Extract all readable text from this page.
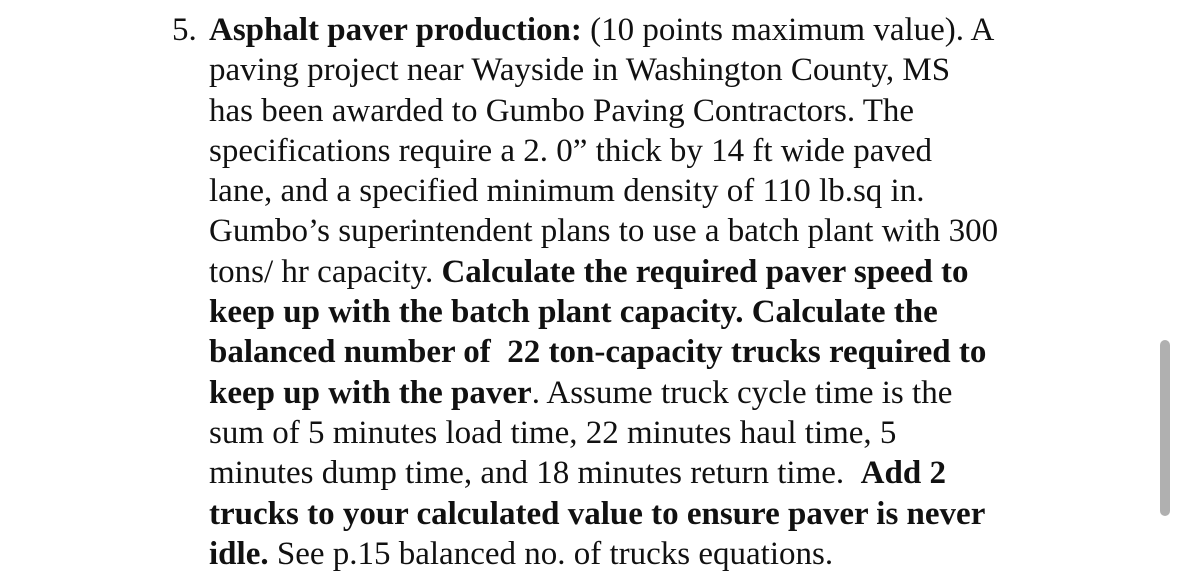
5. Asphalt paver production: (10 points maximum value). A
paving project near Wayside in Washington County, MS
has been awarded to Gumbo Paving Contractors. The
specifications require a 2. 0” thick by 14 ft wide paved
lane, and a specified minimum density of 110 lb.sq in.
Gumbo’s superintendent plans to use a batch plant with 300
tons/ hr capacity. Calculate the required paver speed to
keep up with the batch plant capacity. Calculate the
balanced number of  22 ton-capacity trucks required to
keep up with the paver. Assume truck cycle time is the
sum of 5 minutes load time, 22 minutes haul time, 5
minutes dump time, and 18 minutes return time.  Add 2
trucks to your calculated value to ensure paver is never
idle. See p.15 balanced no. of trucks equations.
